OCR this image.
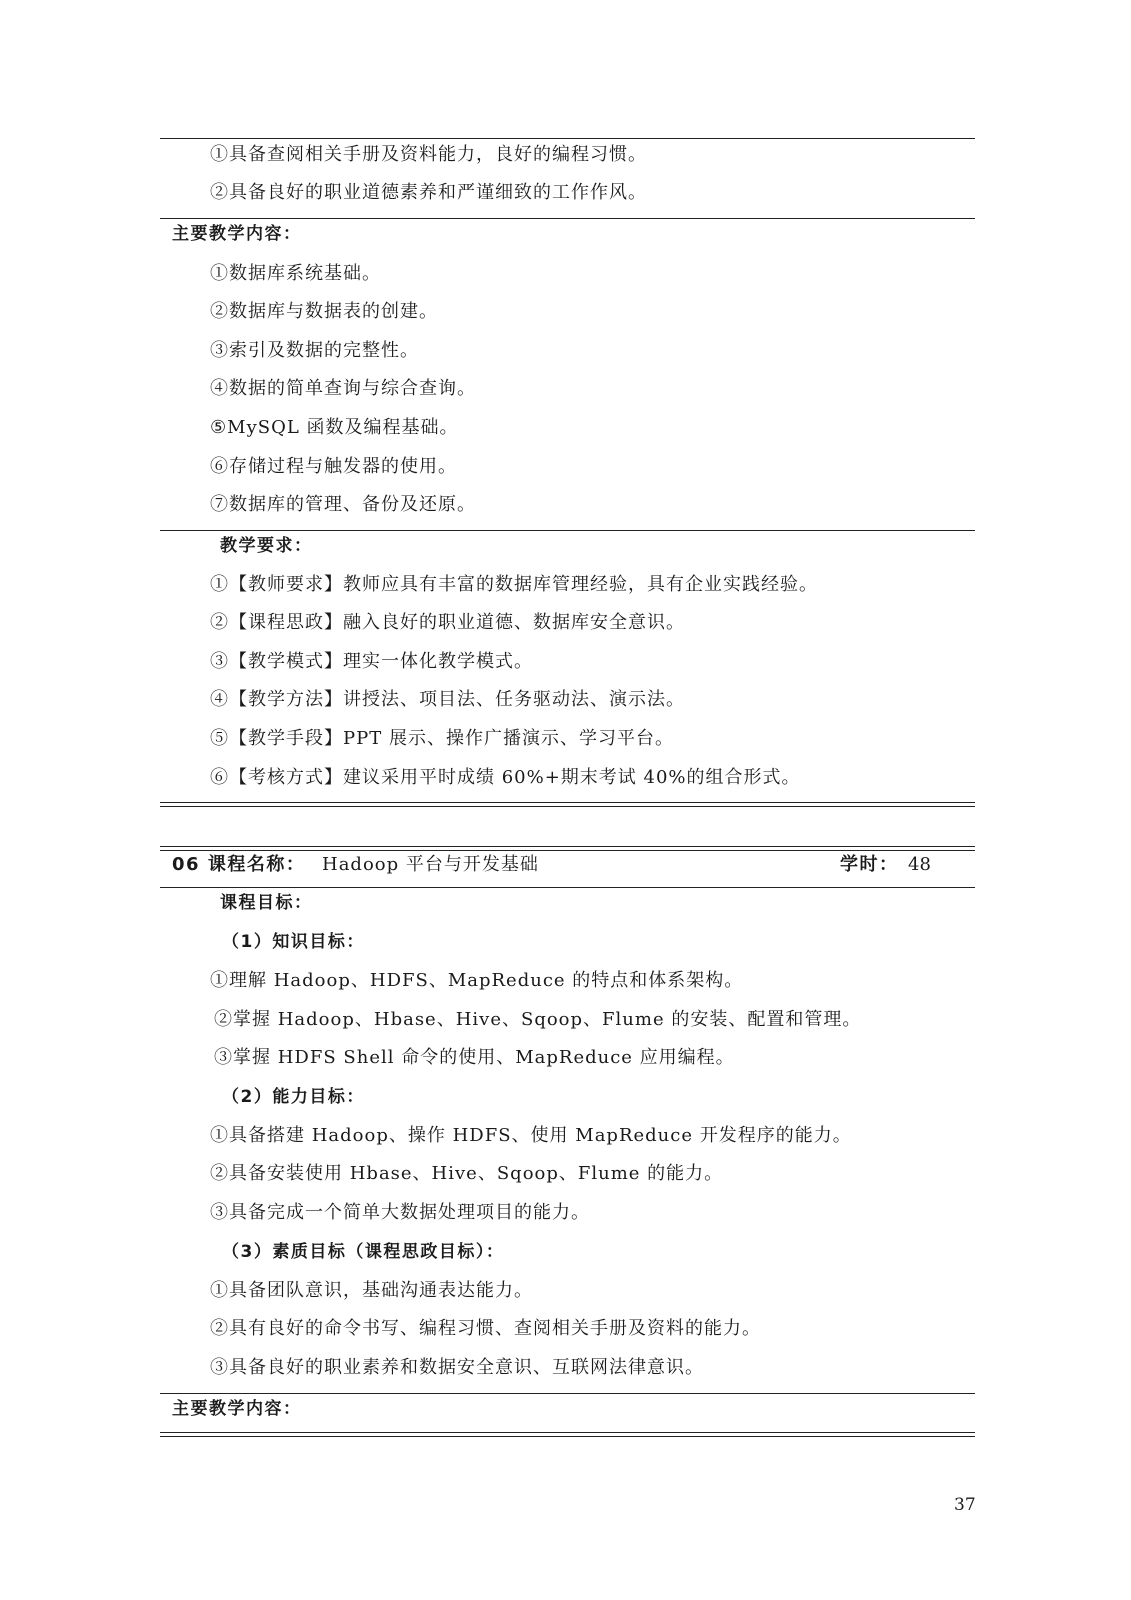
①具备查阅相关手册及资料能力，良好的编程习惯。
②具备良好的职业道德素养和严谨细致的工作作风。
主要教学内容：
①数据库系统基础。
②数据库与数据表的创建。
③索引及数据的完整性。
④数据的简单查询与综合查询。
⑤MySQL 函数及编程基础。
⑥存储过程与触发器的使用。
⑦数据库的管理、备份及还原。
教学要求：
①【教师要求】教师应具有丰富的数据库管理经验，具有企业实践经验。
②【课程思政】融入良好的职业道德、数据库安全意识。
③【教学模式】理实一体化教学模式。
④【教学方法】讲授法、项目法、任务驱动法、演示法。
⑤【教学手段】PPT 展示、操作广播演示、学习平台。
⑥【考核方式】建议采用平时成绩 60%+期末考试 40%的组合形式。
06 课程名称： Hadoop 平台与开发基础	学时： 48
课程目标：
（1）知识目标：
①理解 Hadoop、HDFS、MapReduce 的特点和体系架构。
②掌握 Hadoop、Hbase、Hive、Sqoop、Flume 的安装、配置和管理。
③掌握 HDFS Shell 命令的使用、MapReduce 应用编程。
（2）能力目标：
①具备搭建 Hadoop、操作 HDFS、使用 MapReduce 开发程序的能力。
②具备安装使用 Hbase、Hive、Sqoop、Flume 的能力。
③具备完成一个简单大数据处理项目的能力。
（3）素质目标（课程思政目标）：
①具备团队意识，基础沟通表达能力。
②具有良好的命令书写、编程习惯、查阅相关手册及资料的能力。
③具备良好的职业素养和数据安全意识、互联网法律意识。
主要教学内容：
37
